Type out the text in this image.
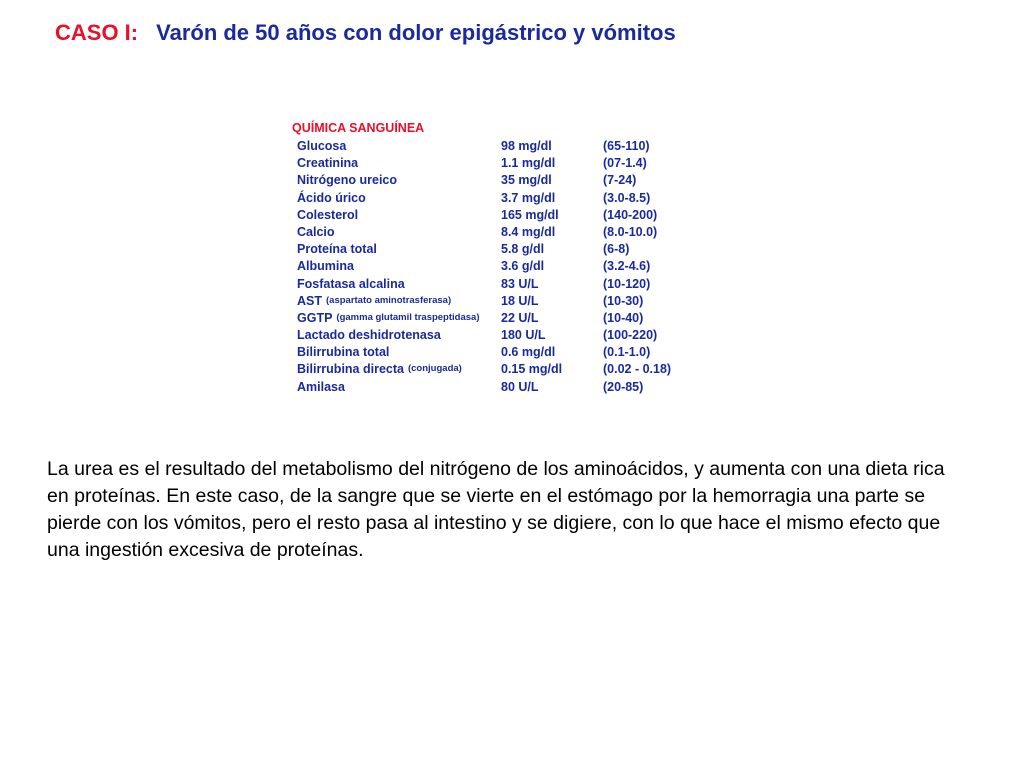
CASO I: Varón de 50 años con dolor epigástrico y vómitos
QUÍMICA SANGUÍNEA
Glucosa	98 mg/dl	(65-110)
Creatinina	1.1 mg/dl	(07-1.4)
Nitrógeno ureico	35 mg/dl	(7-24)
Ácido úrico	3.7 mg/dl	(3.0-8.5)
Colesterol	165 mg/dl	(140-200)
Calcio	8.4 mg/dl	(8.0-10.0)
Proteína total	5.8 g/dl	(6-8)
Albumina	3.6 g/dl	(3.2-4.6)
Fosfatasa alcalina	83 U/L	(10-120)
AST (aspartato aminotrasferasa)	18 U/L	(10-30)
GGTP (gamma glutamil traspeptidasa) 22 U/L	(10-40)
Lactado deshidrotenasa	180 U/L	(100-220)
Bilirrubina total	0.6 mg/dl	(0.1-1.0)
Bilirrubina directa (conjugada)	0.15 mg/dl	(0.02 - 0.18)
Amilasa	80 U/L	(20-85)
La urea es el resultado del metabolismo del nitrógeno de los aminoácidos, y aumenta con una dieta rica en proteínas. En este caso, de la sangre que se vierte en el estómago por la hemorragia una parte se pierde con los vómitos, pero el resto pasa al intestino y se digiere, con lo que hace el mismo efecto que una ingestión excesiva de proteínas.
